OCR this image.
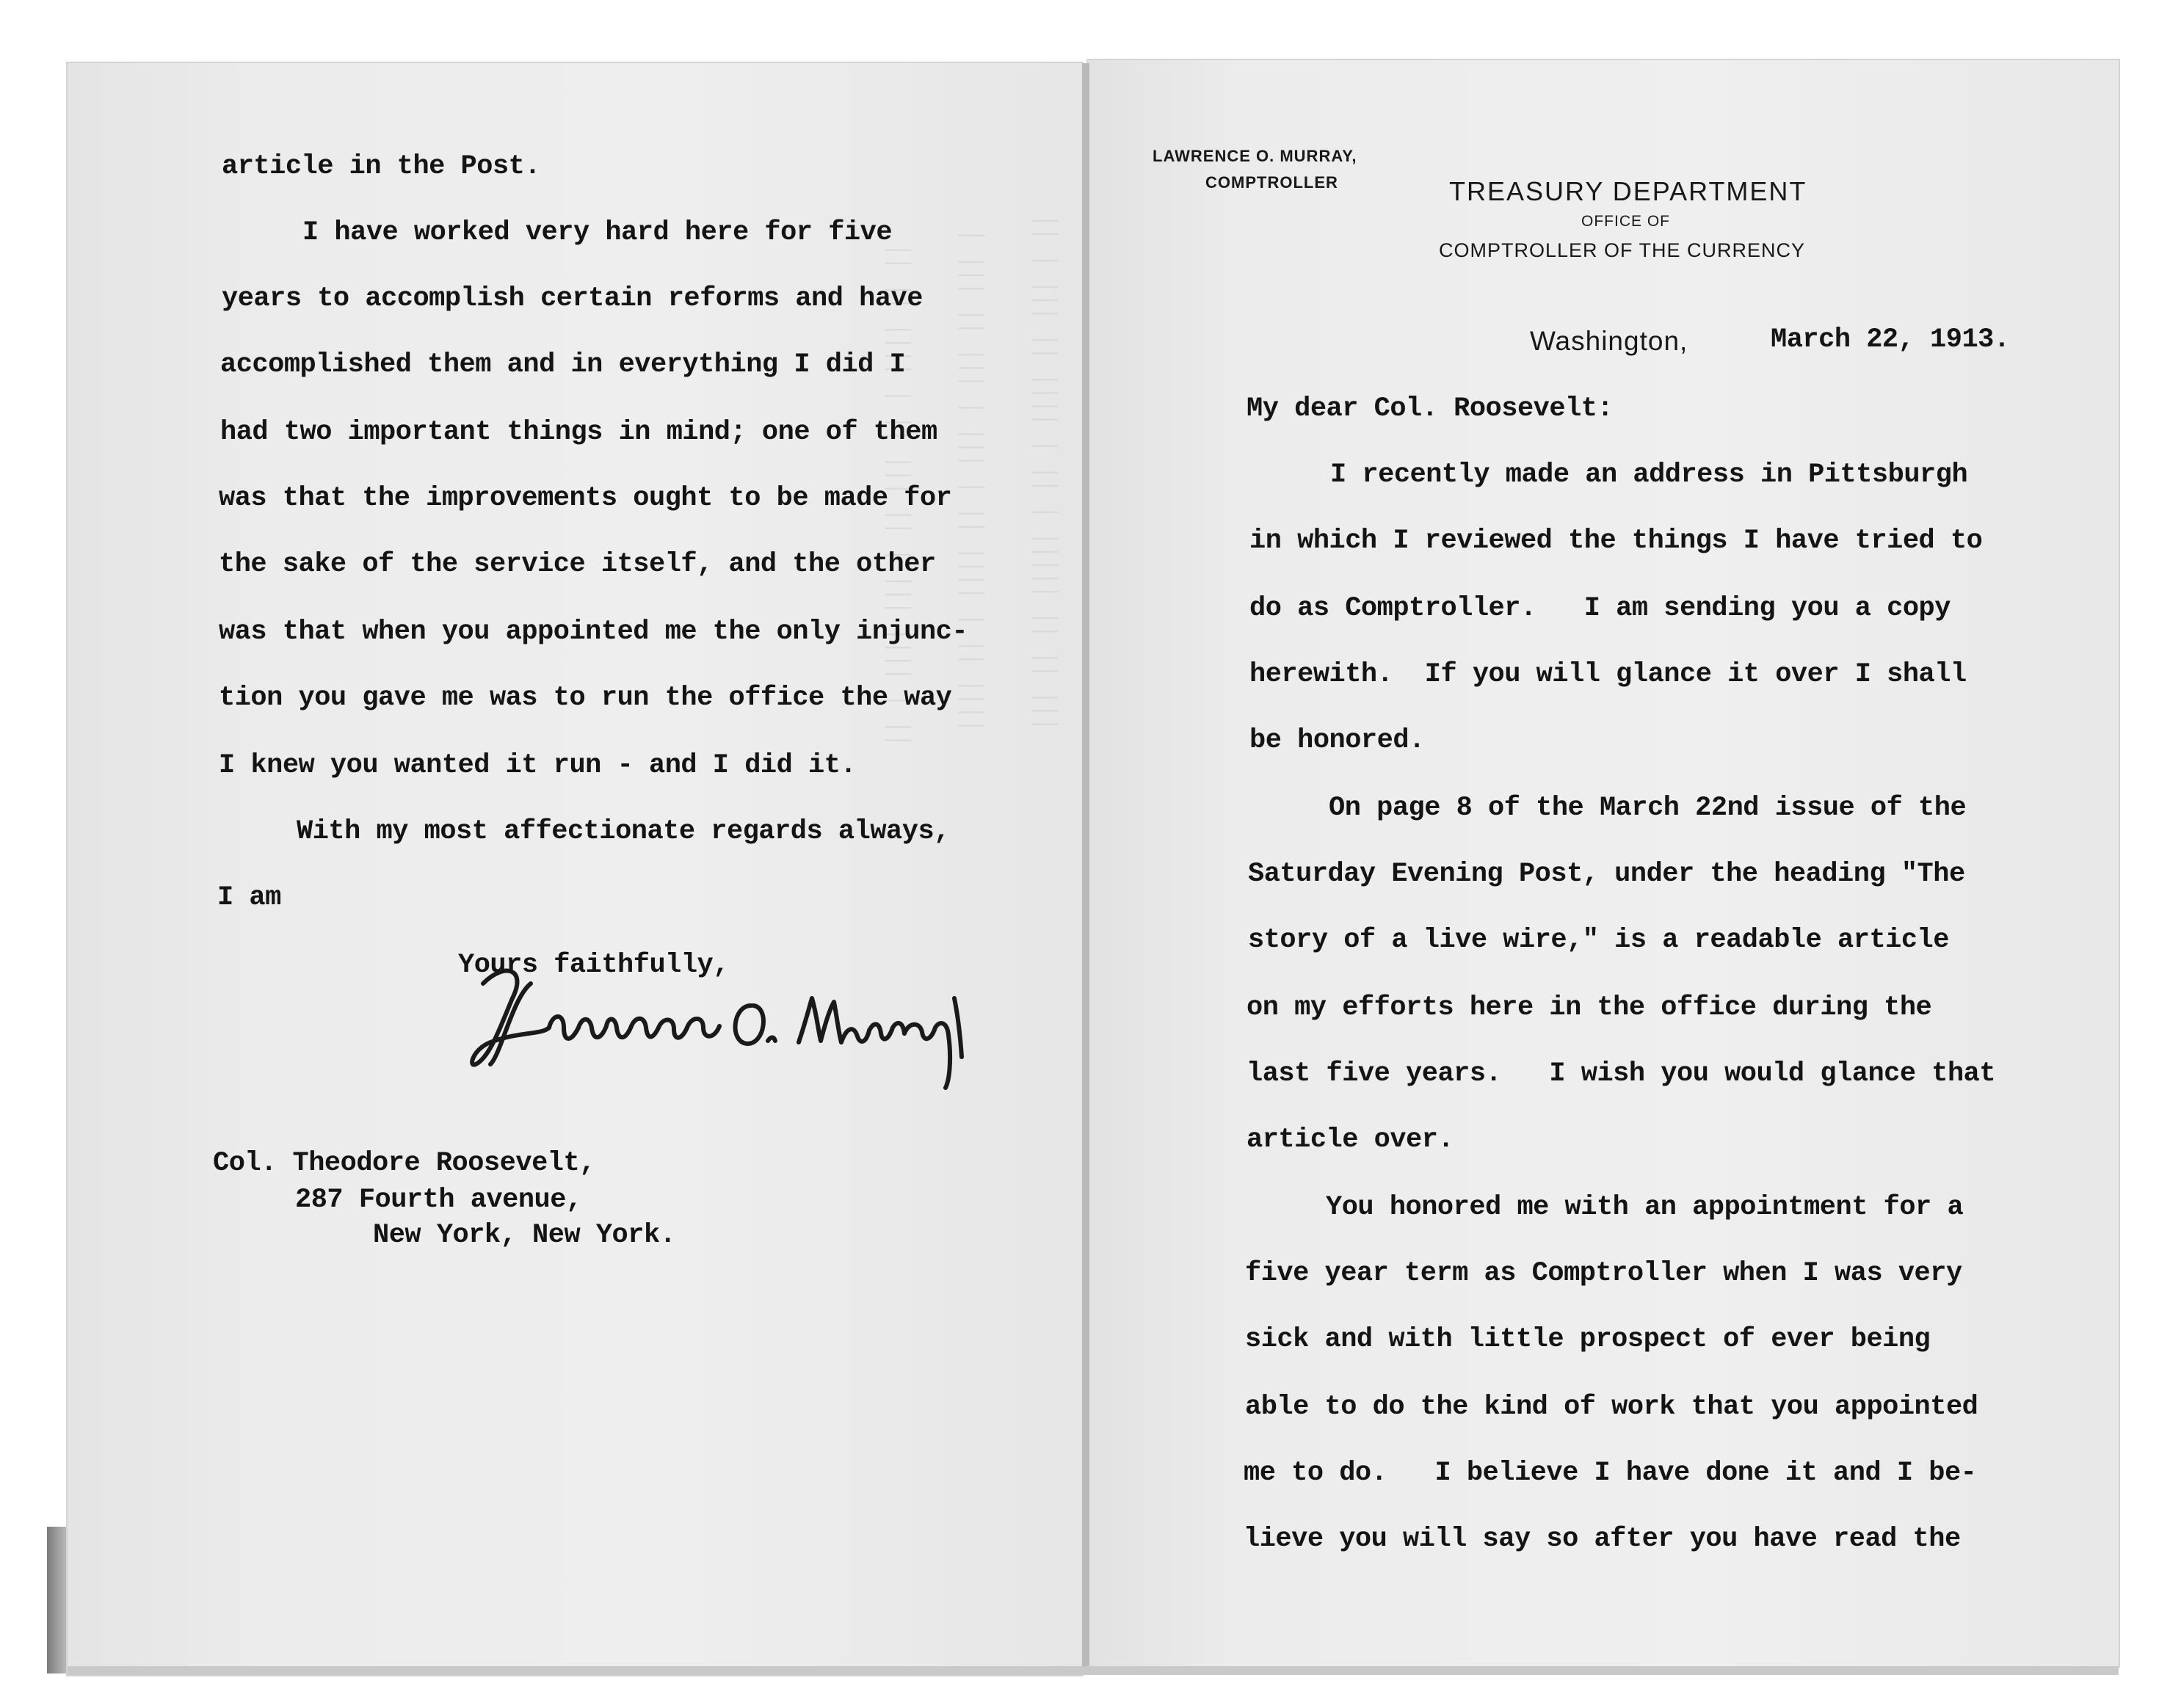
▏▏ ▏ ▏▏▏ ▏▏ ▏▏▏▏ ▏ ▏▏ ▏ ▏▏▏▏▏ ▏▏ ▏▏ ▏▏▏
▏ ▏▏▏ ▏▏ ▏▏▏ ▏ ▏▏▏ ▏ ▏▏ ▏▏▏▏ ▏ ▏▏ ▏▏▏▏
▏▏ ▏▏ ▏▏▏▏ ▏ ▏▏ ▏▏▏ ▏▏ ▏ ▏▏▏ ▏▏▏▏ ▏ ▏▏
LAWRENCE O. MURRAY,
COMPTROLLER	TREASURY DEPARTMENT
OFFICE OF
COMPTROLLER OF THE CURRENCY
Washington,	March 22, 1913.
My dear Col. Roosevelt:
I recently made an address in Pittsburgh
in which I reviewed the things I have tried to
do as Comptroller.   I am sending you a copy
herewith.  If you will glance it over I shall
be honored.
On page 8 of the March 22nd issue of the
Saturday Evening Post, under the heading "The
story of a live wire," is a readable article
on my efforts here in the office during the
last five years.   I wish you would glance that
article over.
You honored me with an appointment for a
five year term as Comptroller when I was very
sick and with little prospect of ever being
able to do the kind of work that you appointed
me to do.   I believe I have done it and I be-
lieve you will say so after you have read the
article in the Post.
I have worked very hard here for five
years to accomplish certain reforms and have
accomplished them and in everything I did I
had two important things in mind; one of them
was that the improvements ought to be made for
the sake of the service itself, and the other
was that when you appointed me the only injunc-
tion you gave me was to run the office the way
I knew you wanted it run - and I did it.
With my most affectionate regards always,
I am
Yours faithfully,
Col. Theodore Roosevelt,
287 Fourth avenue,
New York, New York.
